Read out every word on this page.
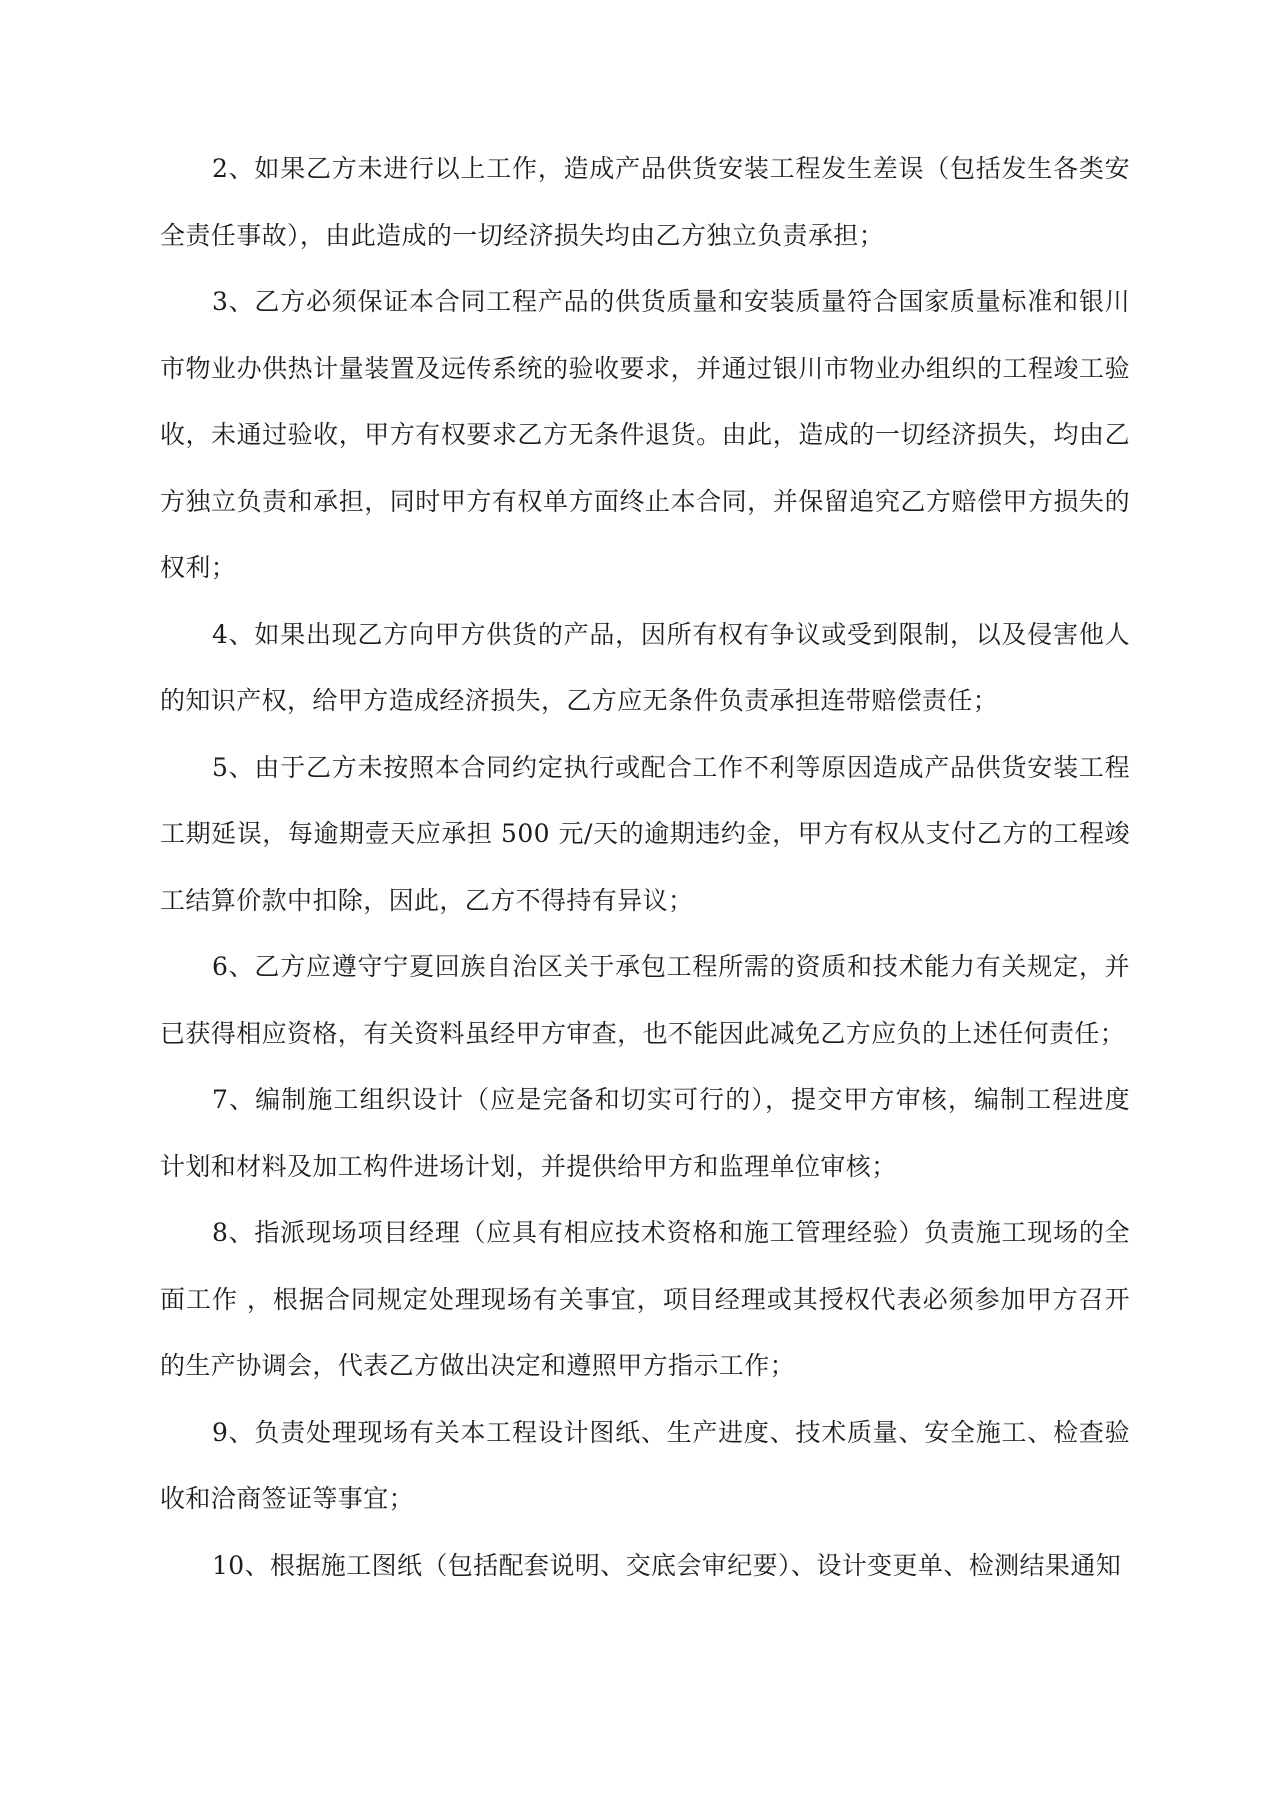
2、如果乙方未进行以上工作，造成产品供货安装工程发生差误（包括发生各类安全责任事故），由此造成的一切经济损失均由乙方独立负责承担；

3、乙方必须保证本合同工程产品的供货质量和安装质量符合国家质量标准和银川市物业办供热计量装置及远传系统的验收要求，并通过银川市物业办组织的工程竣工验收，未通过验收，甲方有权要求乙方无条件退货。由此，造成的一切经济损失，均由乙方独立负责和承担，同时甲方有权单方面终止本合同，并保留追究乙方赔偿甲方损失的权利；

4、如果出现乙方向甲方供货的产品，因所有权有争议或受到限制，以及侵害他人的知识产权，给甲方造成经济损失，乙方应无条件负责承担连带赔偿责任；

5、由于乙方未按照本合同约定执行或配合工作不利等原因造成产品供货安装工程工期延误，每逾期壹天应承担 500 元/天的逾期违约金，甲方有权从支付乙方的工程竣工结算价款中扣除，因此，乙方不得持有异议；

6、乙方应遵守宁夏回族自治区关于承包工程所需的资质和技术能力有关规定，并已获得相应资格，有关资料虽经甲方审查，也不能因此减免乙方应负的上述任何责任；

7、编制施工组织设计（应是完备和切实可行的），提交甲方审核，编制工程进度计划和材料及加工构件进场计划，并提供给甲方和监理单位审核；

8、指派现场项目经理（应具有相应技术资格和施工管理经验）负责施工现场的全面工作 ，根据合同规定处理现场有关事宜，项目经理或其授权代表必须参加甲方召开的生产协调会，代表乙方做出决定和遵照甲方指示工作；

9、负责处理现场有关本工程设计图纸、生产进度、技术质量、安全施工、检查验收和洽商签证等事宜；

10、根据施工图纸（包括配套说明、交底会审纪要）、设计变更单、检测结果通知
